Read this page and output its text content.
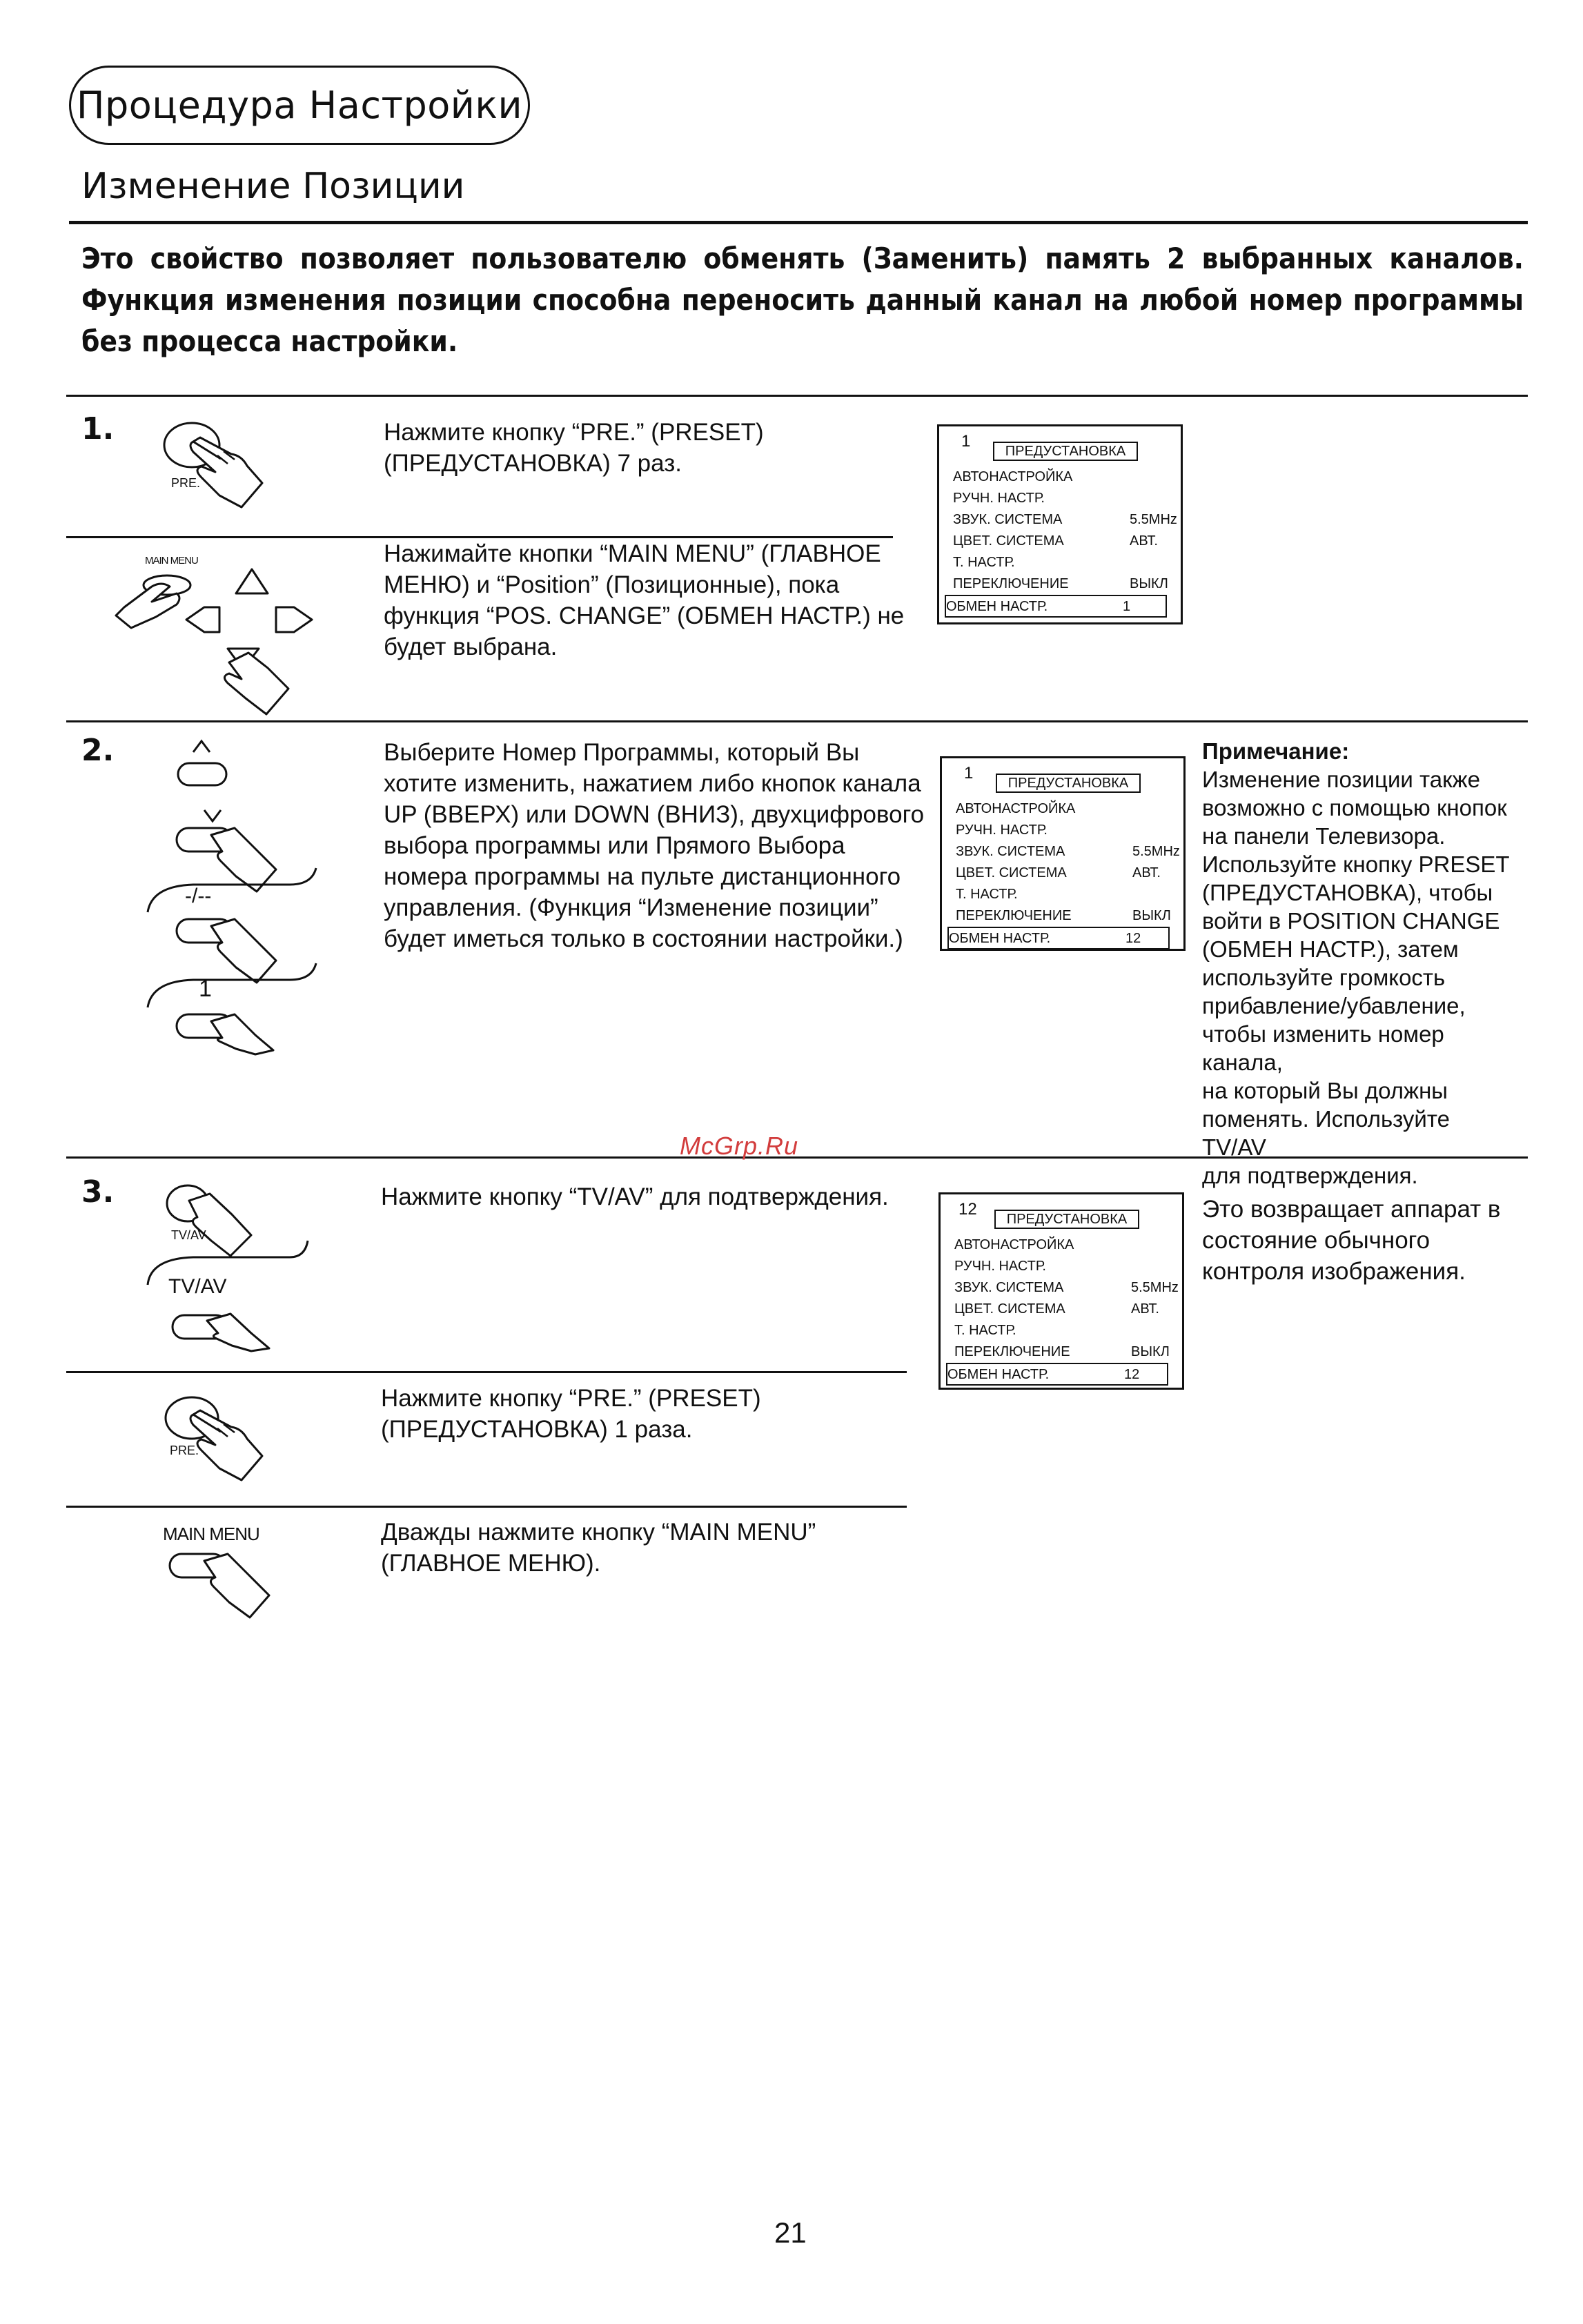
Процедура Настройки
Изменение Позиции
Это свойство позволяет пользователю обменять (Заменить) память 2 выбранных каналов. Функция изменения позиции способна переносить данный канал на любой номер программы без процесса настройки.
1.
PRE.
Нажмите кнопку “PRE.” (PRESET)
(ПРЕДУСТАНОВКА) 7 раз.
MAIN MENU	Нажимайте кнопки “MAIN MENU” (ГЛАВНОЕ
МЕНЮ) и “Position” (Позиционные), пока
функция “POS. CHANGE” (ОБМЕН НАСТР.) не
будет выбрана.
1
ПРЕДУСТАНОВКА
АВТОНАСТРОЙКА
РУЧН. НАСТР.
ЗВУК. СИСТЕМА	5.5MHz
ЦВЕТ. СИСТЕМА	АВТ.
Т. НАСТР.
ПЕРЕКЛЮЧЕНИЕ	ВЫКЛ
ОБМЕН НАСТР.	1
2.
-/--
1
Выберите Номер Программы, который Вы
хотите изменить, нажатием либо кнопок канала
UP (ВВЕРХ) или DOWN (ВНИЗ), двухцифрового
выбора программы или Прямого Выбора
номера программы на пульте дистанционного
управления. (Функция “Изменение позиции”
будет иметься только в состоянии настройки.)
1
ПРЕДУСТАНОВКА
АВТОНАСТРОЙКА
РУЧН. НАСТР.
ЗВУК. СИСТЕМА	5.5MHz
ЦВЕТ. СИСТЕМА	АВТ.
Т. НАСТР.
ПЕРЕКЛЮЧЕНИЕ	ВЫКЛ
ОБМЕН НАСТР.	12
Примечание:
Изменение позиции также
возможно с помощью кнопок
на панели Телевизора.
Используйте кнопку PRESET
(ПРЕДУСТАНОВКА), чтобы
войти в POSITION CHANGE
(ОБМЕН НАСТР.), затем
используйте громкость
прибавление/убавление,
чтобы изменить номер канала,
на который Вы должны
поменять. Используйте TV/AV
для подтверждения.
McGrp.Ru
3.
TV/AV
TV/AV
Нажмите кнопку “TV/AV” для подтверждения.	12
ПРЕДУСТАНОВКА
АВТОНАСТРОЙКА
РУЧН. НАСТР.
ЗВУК. СИСТЕМА	5.5MHz
ЦВЕТ. СИСТЕМА	АВТ.
Т. НАСТР.
ПЕРЕКЛЮЧЕНИЕ	ВЫКЛ
ОБМЕН НАСТР.	12
Это возвращает аппарат в
состояние обычного
контроля изображения.
PRE.
Нажмите кнопку “PRE.” (PRESET)
(ПРЕДУСТАНОВКА) 1 раза.
MAIN MENU	Дважды нажмите кнопку “MAIN MENU”
(ГЛАВНОЕ МЕНЮ).
21
